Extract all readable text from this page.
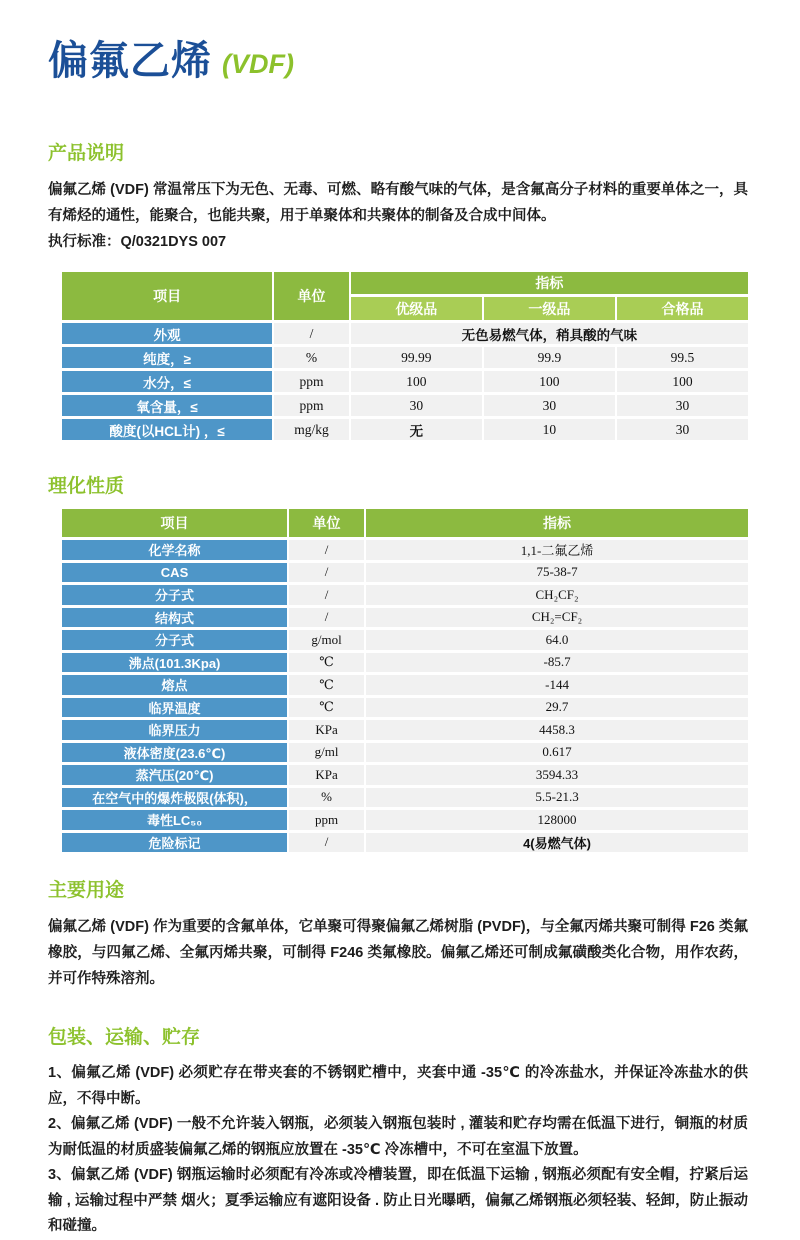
偏氟乙烯 (VDF)
产品说明

偏氟乙烯 (VDF) 常温常压下为无色、无毒、可燃、略有酸气味的气体，是含氟高分子材料的重要单体之一，具有烯烃的通性，能聚合，也能共聚，用于单聚体和共聚体的制备及合成中间体。

执行标准：Q/0321DYS 007

项目	单位	指标		
		优级品	一级品	合格品
外观	/	无色易燃气体，稍具酸的气味		
纯度，≥	%	99.99	99.9	99.5
水分，≤	ppm	100	100	100
氧含量，≤	ppm	30	30	30
酸度(以HCL计) ，≤	mg/kg	无	10	30
理化性质
项目	单位	指标
化学名称	/	1,1-二氟乙烯
CAS	/	75-38-7
分子式	/	CH₂CF₂
结构式	/	CH₂=CF₂
分子式	g/mol	64.0
沸点(101.3Kpa)	℃	-85.7
熔点	℃	-144
临界温度	℃	29.7
临界压力	KPa	4458.3
液体密度(23.6℃)	g/ml	0.617
蒸汽压(20℃)	KPa	3594.33
在空气中的爆炸极限(体积)，	%	5.5-21.3
毒性LC₅₀	ppm	128000
危险标记	/	4(易燃气体)
主要用途

偏氟乙烯 (VDF) 作为重要的含氟单体，它单聚可得聚偏氟乙烯树脂 (PVDF)，与全氟丙烯共聚可制得 F26 类氟橡胶，与四氟乙烯、全氟丙烯共聚，可制得 F246 类氟橡胶。偏氟乙烯还可制成氟磺酸类化合物，用作农药，并可作特殊溶剂。

包装、运输、贮存

1、偏氟乙烯 (VDF) 必须贮存在带夹套的不锈钢贮槽中，夹套中通 -35℃ 的冷冻盐水，并保证冷冻盐水的供应，不得中断。

2、偏氟乙烯 (VDF) 一般不允许装入钢瓶，必须装入钢瓶包装时 , 灌装和贮存均需在低温下进行，铜瓶的材质为耐低温的材质盛装偏氟乙烯的钢瓶应放置在 -35℃ 冷冻槽中，不可在室温下放置。

3、偏氯乙烯 (VDF) 钢瓶运输时必须配有冷冻或冷槽装置，即在低温下运输 , 钢瓶必须配有安全帽，拧紧后运输 , 运输过程中严禁 烟火；夏季运输应有遮阳设备 . 防止日光曝晒，偏氟乙烯钢瓶必须轻装、轻卸，防止振动和碰撞。
